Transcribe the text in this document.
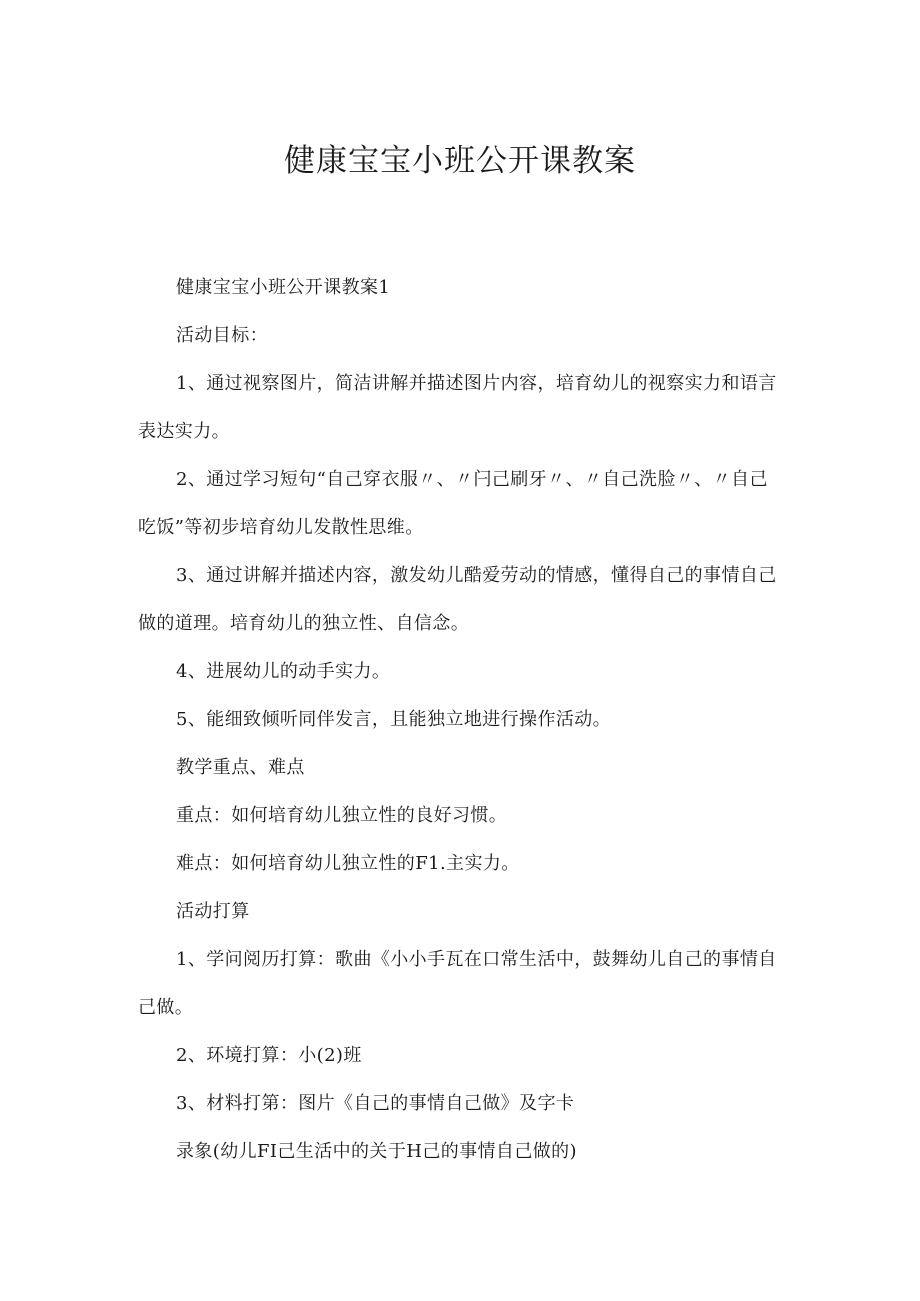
健康宝宝小班公开课教案

健康宝宝小班公开课教案1

活动目标：

1、通过视察图片，简洁讲解并描述图片内容，培育幼儿的视察实力和语言表达实力。

2、通过学习短句“自己穿衣服〃、〃闩己刷牙〃、〃自己洗脸〃、〃自己吃饭”等初步培育幼儿发散性思维。

3、通过讲解并描述内容，激发幼儿酷爱劳动的情感，懂得自己的事情自己做的道理。培育幼儿的独立性、自信念。

4、进展幼儿的动手实力。

5、能细致倾听同伴发言，且能独立地进行操作活动。

教学重点、难点

重点：如何培育幼儿独立性的良好习惯。

难点：如何培育幼儿独立性的F1.主实力。

活动打算

1、学问阅历打算：歌曲《小小手瓦在口常生活中，鼓舞幼儿自己的事情自己做。

2、环境打算：小(2)班

3、材料打第：图片《自己的事情自己做》及字卡

录象(幼儿FI己生活中的关于H己的事情自己做的)
